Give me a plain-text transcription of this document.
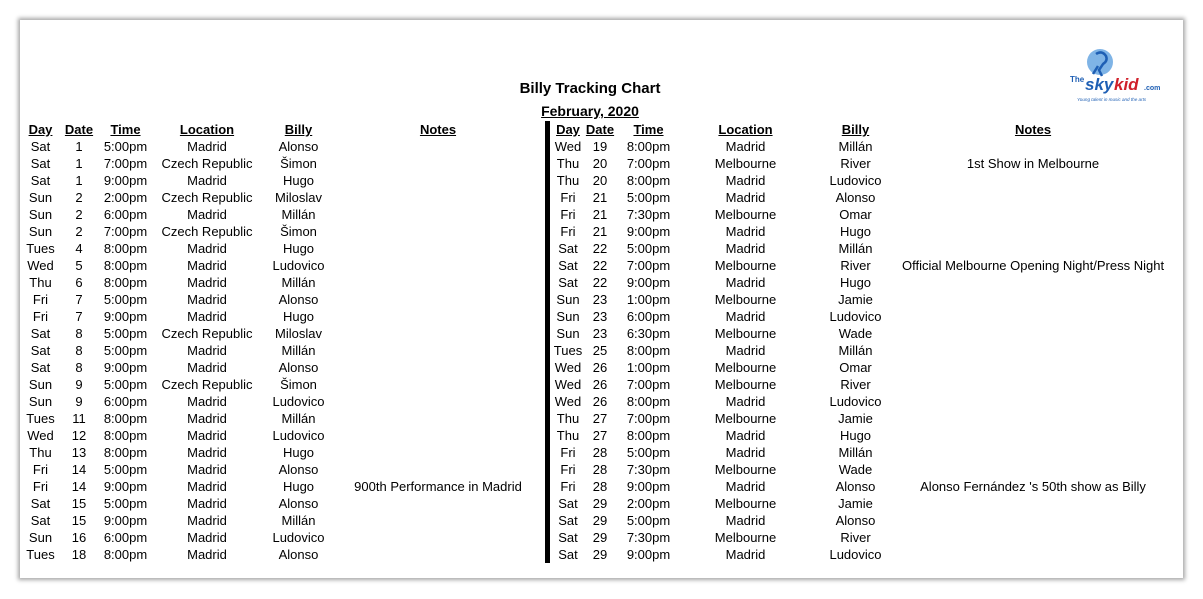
Billy Tracking Chart
February, 2020
The sky kid .com
Young talent in music and the arts
Day	Date	Time	Location	Billy	Notes
Sat	1	5:00pm	Madrid	Alonso	
Sat	1	7:00pm	Czech Republic	Šimon	
Sat	1	9:00pm	Madrid	Hugo	
Sun	2	2:00pm	Czech Republic	Miloslav	
Sun	2	6:00pm	Madrid	Millán	
Sun	2	7:00pm	Czech Republic	Šimon	
Tues	4	8:00pm	Madrid	Hugo	
Wed	5	8:00pm	Madrid	Ludovico	
Thu	6	8:00pm	Madrid	Millán	
Fri	7	5:00pm	Madrid	Alonso	
Fri	7	9:00pm	Madrid	Hugo	
Sat	8	5:00pm	Czech Republic	Miloslav	
Sat	8	5:00pm	Madrid	Millán	
Sat	8	9:00pm	Madrid	Alonso	
Sun	9	5:00pm	Czech Republic	Šimon	
Sun	9	6:00pm	Madrid	Ludovico	
Tues	11	8:00pm	Madrid	Millán	
Wed	12	8:00pm	Madrid	Ludovico	
Thu	13	8:00pm	Madrid	Hugo	
Fri	14	5:00pm	Madrid	Alonso	
Fri	14	9:00pm	Madrid	Hugo	900th Performance in Madrid
Sat	15	5:00pm	Madrid	Alonso	
Sat	15	9:00pm	Madrid	Millán	
Sun	16	6:00pm	Madrid	Ludovico	
Tues	18	8:00pm	Madrid	Alonso	
Day	Date	Time	Location	Billy	Notes
Wed	19	8:00pm	Madrid	Millán	
Thu	20	7:00pm	Melbourne	River	1st Show in Melbourne
Thu	20	8:00pm	Madrid	Ludovico	
Fri	21	5:00pm	Madrid	Alonso	
Fri	21	7:30pm	Melbourne	Omar	
Fri	21	9:00pm	Madrid	Hugo	
Sat	22	5:00pm	Madrid	Millán	
Sat	22	7:00pm	Melbourne	River	Official Melbourne Opening Night/Press Night
Sat	22	9:00pm	Madrid	Hugo	
Sun	23	1:00pm	Melbourne	Jamie	
Sun	23	6:00pm	Madrid	Ludovico	
Sun	23	6:30pm	Melbourne	Wade	
Tues	25	8:00pm	Madrid	Millán	
Wed	26	1:00pm	Melbourne	Omar	
Wed	26	7:00pm	Melbourne	River	
Wed	26	8:00pm	Madrid	Ludovico	
Thu	27	7:00pm	Melbourne	Jamie	
Thu	27	8:00pm	Madrid	Hugo	
Fri	28	5:00pm	Madrid	Millán	
Fri	28	7:30pm	Melbourne	Wade	
Fri	28	9:00pm	Madrid	Alonso	Alonso Fernández 's 50th show as Billy
Sat	29	2:00pm	Melbourne	Jamie	
Sat	29	5:00pm	Madrid	Alonso	
Sat	29	7:30pm	Melbourne	River	
Sat	29	9:00pm	Madrid	Ludovico	
